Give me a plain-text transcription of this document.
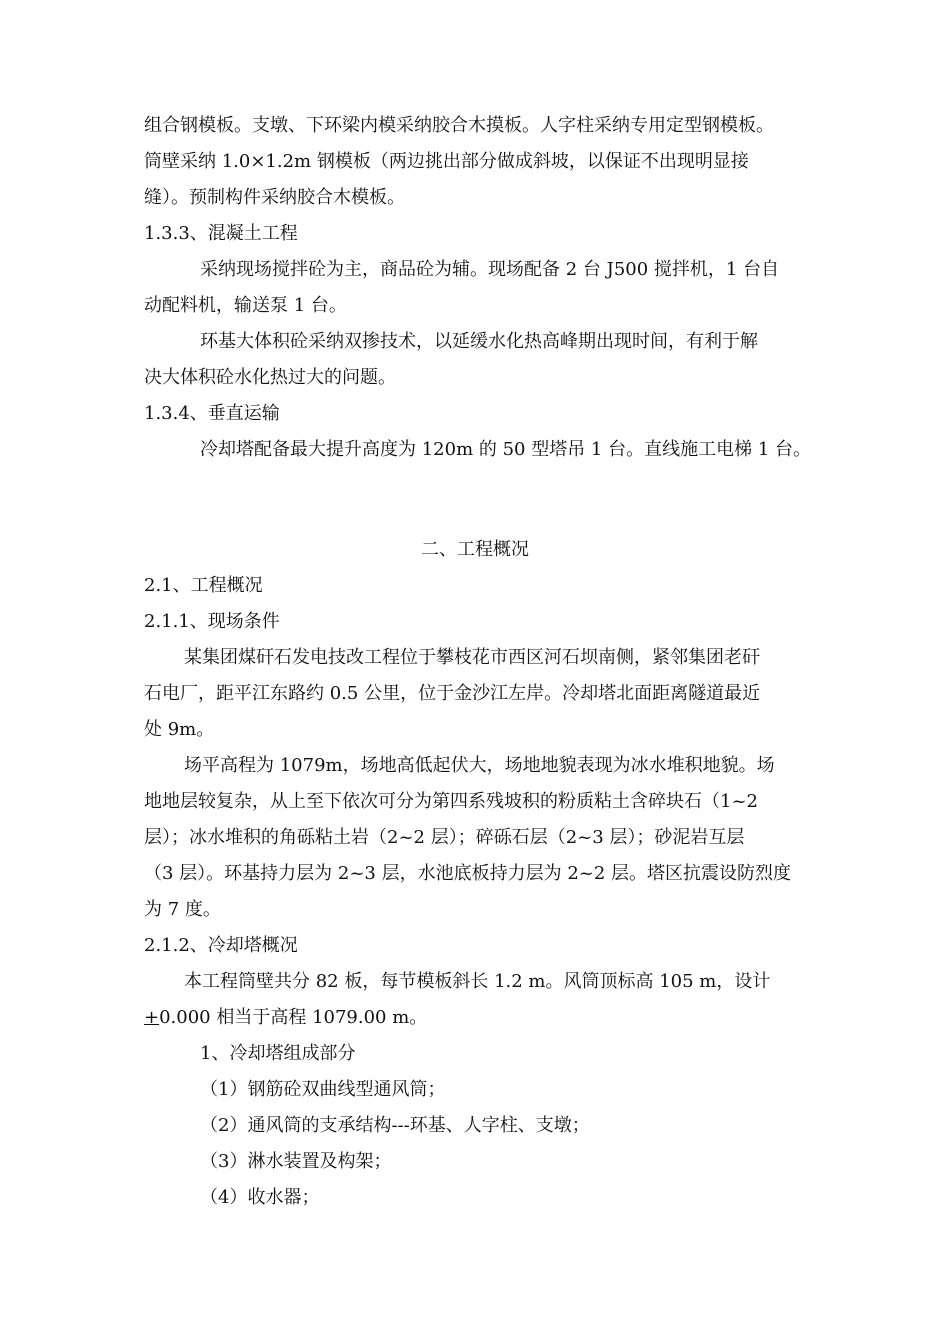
组合钢模板。支墩、下环梁内模采纳胶合木摸板。人字柱采纳专用定型钢模板。
筒壁采纳 1.0×1.2m 钢模板（两边挑出部分做成斜坡，以保证不出现明显接
缝）。预制构件采纳胶合木模板。
1.3.3、混凝土工程
采纳现场搅拌砼为主，商品砼为辅。现场配备 2 台 J500 搅拌机，1 台自
动配料机，输送泵 1 台。
环基大体积砼采纳双掺技术，以延缓水化热高峰期出现时间，有利于解
决大体积砼水化热过大的问题。
1.3.4、垂直运输
冷却塔配备最大提升高度为 120m 的 50 型塔吊 1 台。直线施工电梯 1 台。
二、工程概况
2.1、工程概况
2.1.1、现场条件
某集团煤矸石发电技改工程位于攀枝花市西区河石坝南侧，紧邻集团老矸
石电厂，距平江东路约 0.5 公里，位于金沙江左岸。冷却塔北面距离隧道最近
处 9m。
场平高程为 1079m，场地高低起伏大，场地地貌表现为冰水堆积地貌。场
地地层较复杂，从上至下依次可分为第四系残坡积的粉质粘土含碎块石（1~2
层）；冰水堆积的角砾粘土岩（2~2 层）；碎砾石层（2~3 层）；砂泥岩互层
（3 层）。环基持力层为 2~3 层，水池底板持力层为 2~2 层。塔区抗震设防烈度
为 7 度。
2.1.2、冷却塔概况
本工程筒壁共分 82 板，每节模板斜长 1.2 m。风筒顶标高 105 m，设计
+0.000 相当于高程 1079.00 m。
1、冷却塔组成部分
（1）钢筋砼双曲线型通风筒；
（2）通风筒的支承结构---环基、人字柱、支墩；
（3）淋水装置及构架；
（4）收水器；
